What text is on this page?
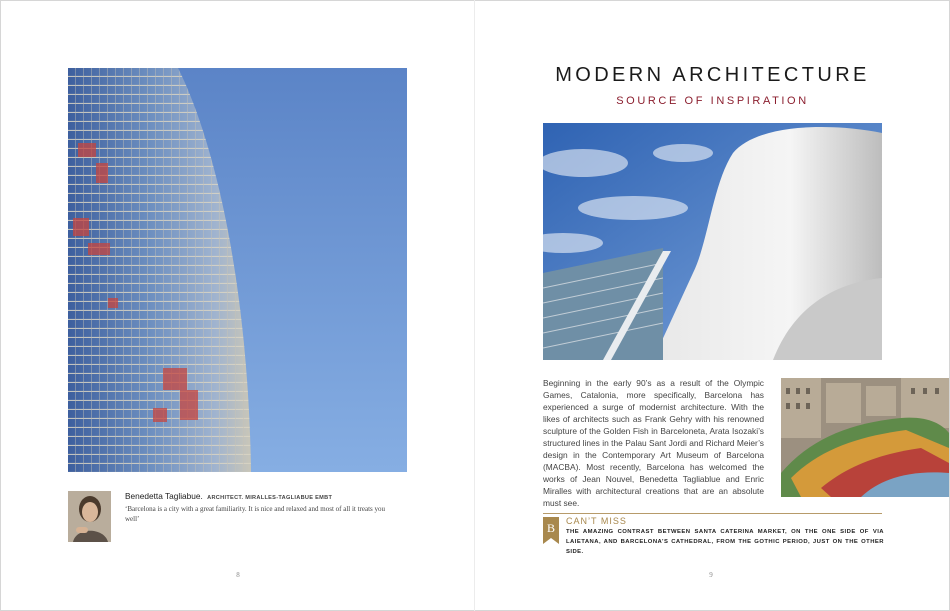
Benedetta Tagliabue. ARCHITECT. MIRALLES-TAGLIABUE EMBT
‘Barcelona is a city with a great familiarity. It is nice and relaxed and most of all it treats you well’
8
MODERN ARCHITECTURE
SOURCE OF INSPIRATION
Beginning in the early 90’s as a result of the Olympic Games, Catalonia, more specifically, Barcelona has experienced a surge of modernist architecture. With the likes of architects such as Frank Gehry with his renowned sculpture of the Golden Fish in Barceloneta, Arata Isozaki’s structured lines in the Palau Sant Jordi and Richard Meier’s design in the Contemporary Art Museum of Barcelona (MACBA). Most recently, Barcelona has welcomed the works of Jean Nouvel, Benedetta Tagliablue and Enric Miralles with architectural creations that are an absolute must see.
B CAN’T MISS
THE AMAZING CONTRAST BETWEEN SANTA CATERINA MARKET, ON THE ONE SIDE OF VIA LAIETANA, AND BARCELONA’S CATHEDRAL, FROM THE GOTHIC PERIOD, JUST ON THE OTHER SIDE.
9
